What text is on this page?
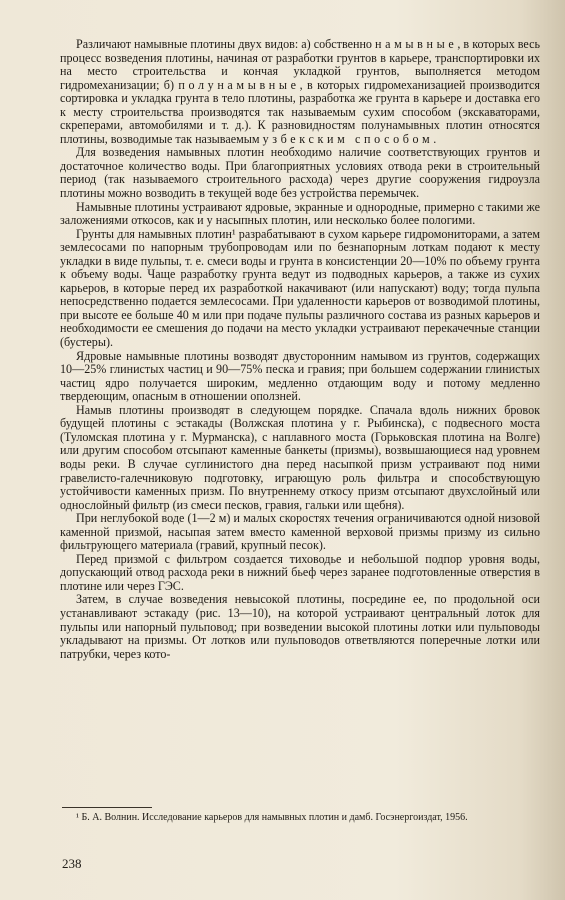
Различают намывные плотины двух видов: а) собственно намывные, в которых весь процесс возведения плотины, начиная от разработки грунтов в карьере, транспортировки их на место строительства и кончая укладкой грунтов, выполняется методом гидромеханизации; б) полунамывные, в которых гидромеханизацией производится сортировка и укладка грунта в тело плотины, разработка же грунта в карьере и доставка его к месту строительства производятся так называемым сухим способом (экскаваторами, скреперами, автомобилями и т. д.). К разновидностям полунамывных плотин относятся плотины, возводимые так называемым узбекским способом.

Для возведения намывных плотин необходимо наличие соответствующих грунтов и достаточное количество воды. При благоприятных условиях отвода реки в строительный период (так называемого строительного расхода) через другие сооружения гидроузла плотины можно возводить в текущей воде без устройства перемычек.

Намывные плотины устраивают ядровые, экранные и однородные, примерно с такими же заложениями откосов, как и у насыпных плотин, или несколько более пологими.

Грунты для намывных плотин¹ разрабатывают в сухом карьере гидромониторами, а затем землесосами по напорным трубопроводам или по безнапорным лоткам подают к месту укладки в виде пульпы, т. е. смеси воды и грунта в консистенции 20—10% по объему грунта к объему воды. Чаще разработку грунта ведут из подводных карьеров, а также из сухих карьеров, в которые перед их разработкой накачивают (или напускают) воду; тогда пульпа непосредственно подается землесосами. При удаленности карьеров от возводимой плотины, при высоте ее больше 40 м или при подаче пульпы различного состава из разных карьеров и необходимости ее смешения до подачи на место укладки устраивают перекачечные станции (бустеры).

Ядровые намывные плотины возводят двусторонним намывом из грунтов, содержащих 10—25% глинистых частиц и 90—75% песка и гравия; при большем содержании глинистых частиц ядро получается широким, медленно отдающим воду и потому медленно твердеющим, опасным в отношении оползней.

Намыв плотины производят в следующем порядке. Спачала вдоль нижних бровок будущей плотины с эстакады (Волжская плотина у г. Рыбинска), с подвесного моста (Туломская плотина у г. Мурманска), с наплавного моста (Горьковская плотина на Волге) или другим способом отсыпают каменные банкеты (призмы), возвышающиеся над уровнем воды реки. В случае суглинистого дна перед насыпкой призм устраивают под ними гравелисто-галечниковую подготовку, играющую роль фильтра и способствующую устойчивости каменных призм. По внутреннему откосу призм отсыпают двухслойный или однослойный фильтр (из смеси песков, гравия, гальки или щебня).

При неглубокой воде (1—2 м) и малых скоростях течения ограничиваются одной низовой каменной призмой, насыпая затем вместо каменной верховой призмы призму из сильно фильтрующего материала (гравий, крупный песок).

Перед призмой с фильтром создается тиховодье и небольшой подпор уровня воды, допускающий отвод расхода реки в нижний бьеф через заранее подготовленные отверстия в плотине или через ГЭС.

Затем, в случае возведения невысокой плотины, посредине ее, по продольной оси устанавливают эстакаду (рис. 13—10), на которой устраивают центральный лоток для пульпы или напорный пульповод; при возведении высокой плотины лотки или пульповоды укладывают на призмы. От лотков или пульповодов ответвляются поперечные лотки или патрубки, через кото-

¹ Б. А. Волнин. Исследование карьеров для намывных плотин и дамб. Госэнергоиздат, 1956.

238
